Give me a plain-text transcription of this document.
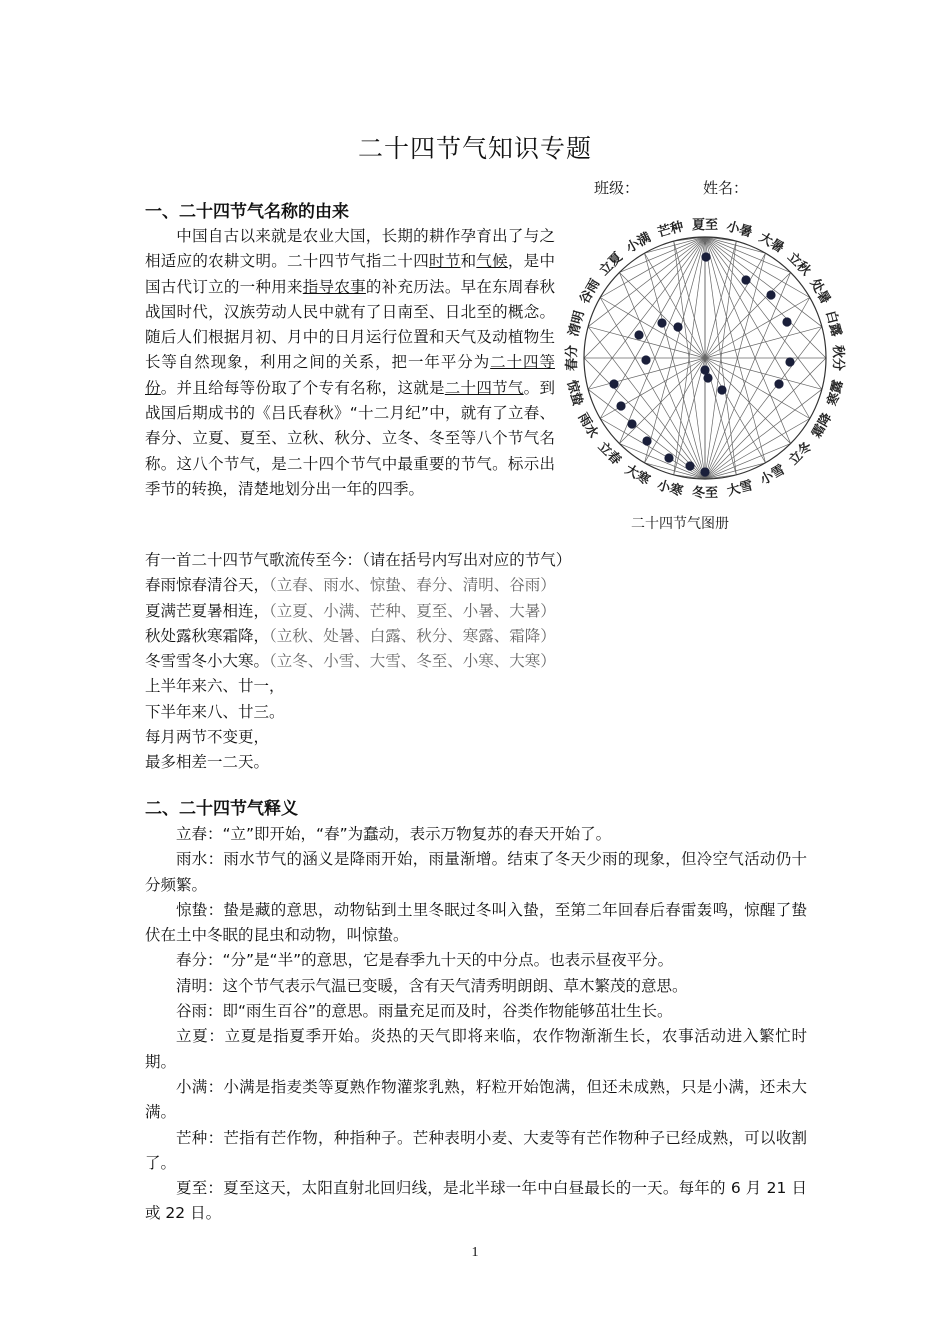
二十四节气知识专题
班级：	姓名：
一、二十四节气名称的由来
中国自古以来就是农业大国，长期的耕作孕育出了与之相适应的农耕文明。二十四节气指二十四时节和气候，是中国古代订立的一种用来指导农事的补充历法。早在东周春秋战国时代，汉族劳动人民中就有了日南至、日北至的概念。随后人们根据月初、月中的日月运行位置和天气及动植物生长等自然现象，利用之间的关系，把一年平分为二十四等份。并且给每等份取了个专有名称，这就是二十四节气。到战国后期成书的《吕氏春秋》“十二月纪”中，就有了立春、春分、立夏、夏至、立秋、秋分、立冬、冬至等八个节气名称。这八个节气，是二十四个节气中最重要的节气。标示出季节的转换，清楚地划分出一年的四季。
夏至 小暑
大暑
立秋
处暑
白露
秋分
寒露
霜降
立冬
小雪
大雪
冬至
小寒
大寒
立春
雨水
惊蛰
春分
清明
谷雨
立夏
小满
芒种
二十四节气图册
有一首二十四节气歌流传至今：（请在括号内写出对应的节气）
春雨惊春清谷天，（立春、雨水、惊蛰、春分、清明、谷雨）
夏满芒夏暑相连，（立夏、小满、芒种、夏至、小暑、大暑）
秋处露秋寒霜降，（立秋、处暑、白露、秋分、寒露、霜降）
冬雪雪冬小大寒。（立冬、小雪、大雪、冬至、小寒、大寒）
上半年来六、廿一，
下半年来八、廿三。
每月两节不变更，
最多相差一二天。
二、二十四节气释义

立春：“立”即开始，“春”为蠢动，表示万物复苏的春天开始了。

雨水：雨水节气的涵义是降雨开始，雨量渐增。结束了冬天少雨的现象，但冷空气活动仍十分频繁。

惊蛰：蛰是藏的意思，动物钻到土里冬眠过冬叫入蛰，至第二年回春后春雷轰鸣，惊醒了蛰伏在土中冬眠的昆虫和动物，叫惊蛰。

春分：“分”是“半”的意思，它是春季九十天的中分点。也表示昼夜平分。

清明：这个节气表示气温已变暖，含有天气清秀明朗朗、草木繁茂的意思。

谷雨：即“雨生百谷”的意思。雨量充足而及时，谷类作物能够茁壮生长。

立夏：立夏是指夏季开始。炎热的天气即将来临，农作物渐渐生长，农事活动进入繁忙时期。

小满：小满是指麦类等夏熟作物灌浆乳熟，籽粒开始饱满，但还未成熟，只是小满，还未大满。

芒种：芒指有芒作物，种指种子。芒种表明小麦、大麦等有芒作物种子已经成熟，可以收割了。

夏至：夏至这天，太阳直射北回归线，是北半球一年中白昼最长的一天。每年的 6 月 21 日或 22 日。

1
